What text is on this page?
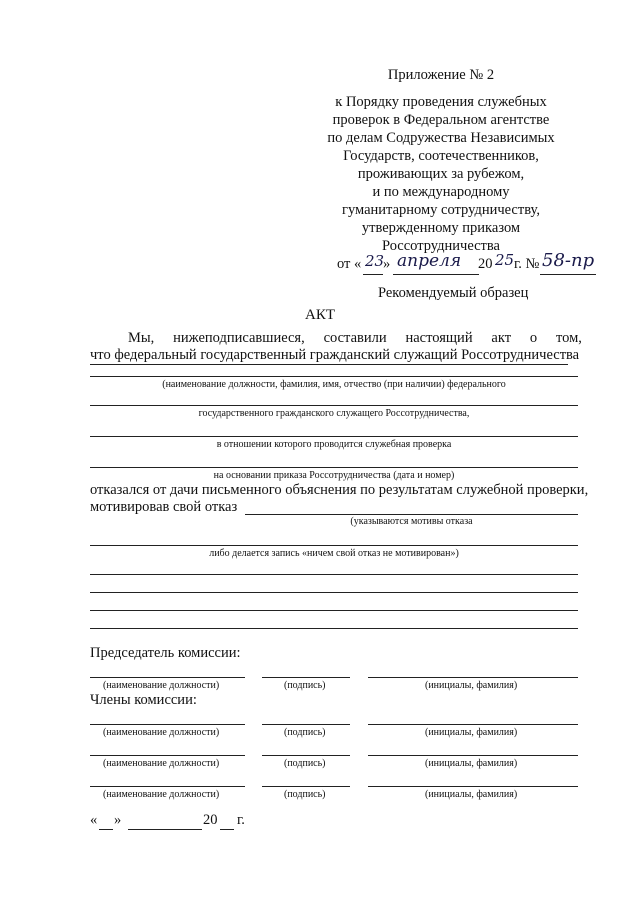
Приложение № 2
к Порядку проведения служебных
проверок в Федеральном агентстве
по делам Содружества Независимых
Государств, соотечественников,
проживающих за рубежом,
и по международному
гуманитарному сотрудничеству,
утвержденному приказом
Россотрудничества
от « 23
» апреля 20 25 г. № 58-пр
Рекомендуемый образец
АКТ
Мы, нижеподписавшиеся, составили настоящий акт о том,
что федеральный государственный гражданский служащий Россотрудничества
(наименование должности, фамилия, имя, отчество (при наличии) федерального
государственного гражданского служащего Россотрудничества,
в отношении которого проводится служебная проверка
на основании приказа Россотрудничества (дата и номер)
отказался от дачи письменного объяснения по результатам служебной проверки,
мотивировав свой отказ
(указываются мотивы отказа
либо делается запись «ничем свой отказ не мотивирован»)
Председатель комиссии:
(наименование должности)	(подпись)	(инициалы, фамилия)
Члены комиссии:
(наименование должности)	(подпись)	(инициалы, фамилия)
(наименование должности)	(подпись)	(инициалы, фамилия)
(наименование должности)	(подпись)	(инициалы, фамилия)
« »	20 г.
